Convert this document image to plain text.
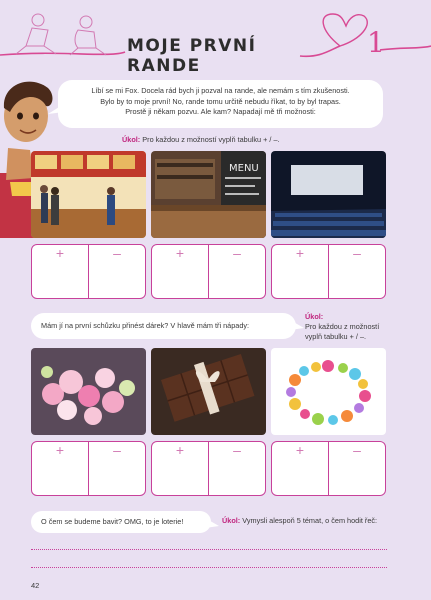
MOJE PRVNÍ RANDE
1
Líbí se mi Fox. Docela rád bych ji pozval na rande, ale nemám s tím zkušenosti.
Bylo by to moje první! No, rande tomu určitě nebudu říkat, to by byl trapas.
Prostě ji někam pozvu. Ale kam? Napadají mě tři možnosti:
Úkol: Pro každou z možností vyplň tabulku + / –.
MENU
+	–	+	–	+	–
Mám jí na první schůzku přinést dárek? V hlavě mám tři nápady:
Úkol:
Pro každou z možností
vyplň tabulku + / –.
+	–	+	–	+	–
O čem se budeme bavit? OMG, to je loterie!	Úkol: Vymysli alespoň 5 témat, o čem hodit řeč:
42
